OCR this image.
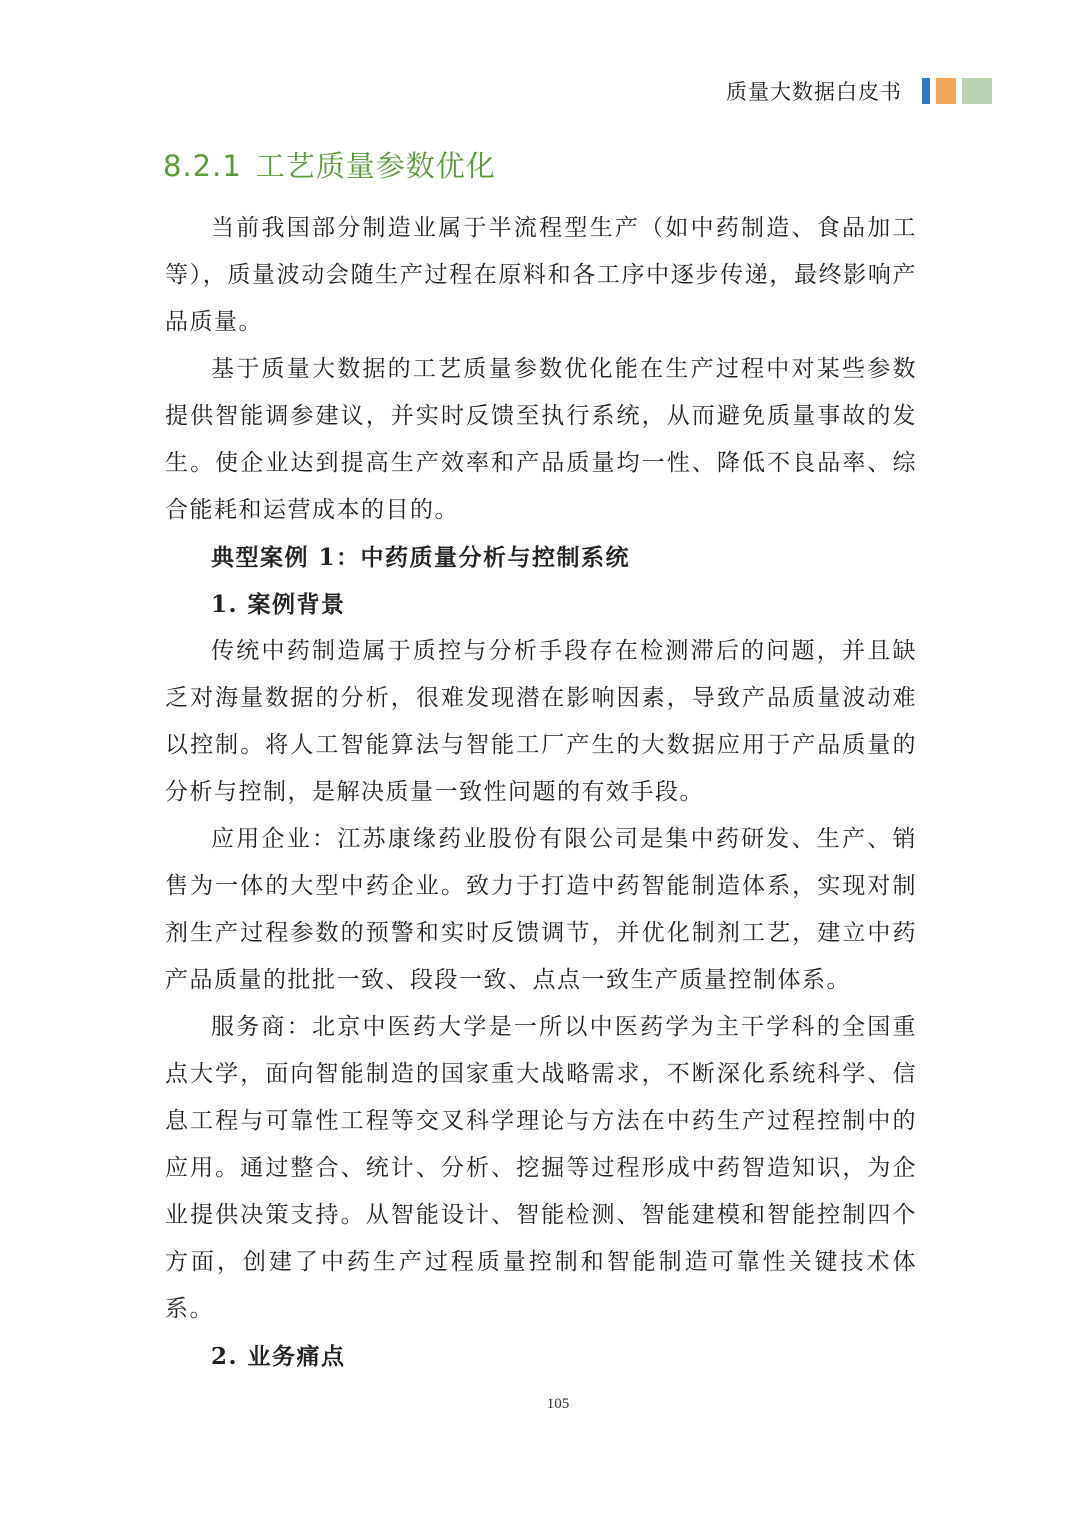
质量大数据白皮书
8.2.1 工艺质量参数优化

当前我国部分制造业属于半流程型生产（如中药制造、食品加工等），质量波动会随生产过程在原料和各工序中逐步传递，最终影响产品质量。

基于质量大数据的工艺质量参数优化能在生产过程中对某些参数提供智能调参建议，并实时反馈至执行系统，从而避免质量事故的发生。使企业达到提高生产效率和产品质量均一性、降低不良品率、综合能耗和运营成本的目的。

典型案例 1：中药质量分析与控制系统
1. 案例背景

传统中药制造属于质控与分析手段存在检测滞后的问题，并且缺乏对海量数据的分析，很难发现潜在影响因素，导致产品质量波动难以控制。将人工智能算法与智能工厂产生的大数据应用于产品质量的分析与控制，是解决质量一致性问题的有效手段。

应用企业：江苏康缘药业股份有限公司是集中药研发、生产、销售为一体的大型中药企业。致力于打造中药智能制造体系，实现对制剂生产过程参数的预警和实时反馈调节，并优化制剂工艺，建立中药产品质量的批批一致、段段一致、点点一致生产质量控制体系。

服务商：北京中医药大学是一所以中医药学为主干学科的全国重点大学，面向智能制造的国家重大战略需求，不断深化系统科学、信息工程与可靠性工程等交叉科学理论与方法在中药生产过程控制中的应用。通过整合、统计、分析、挖掘等过程形成中药智造知识，为企业提供决策支持。从智能设计、智能检测、智能建模和智能控制四个方面，创建了中药生产过程质量控制和智能制造可靠性关键技术体系。

2. 业务痛点
105
